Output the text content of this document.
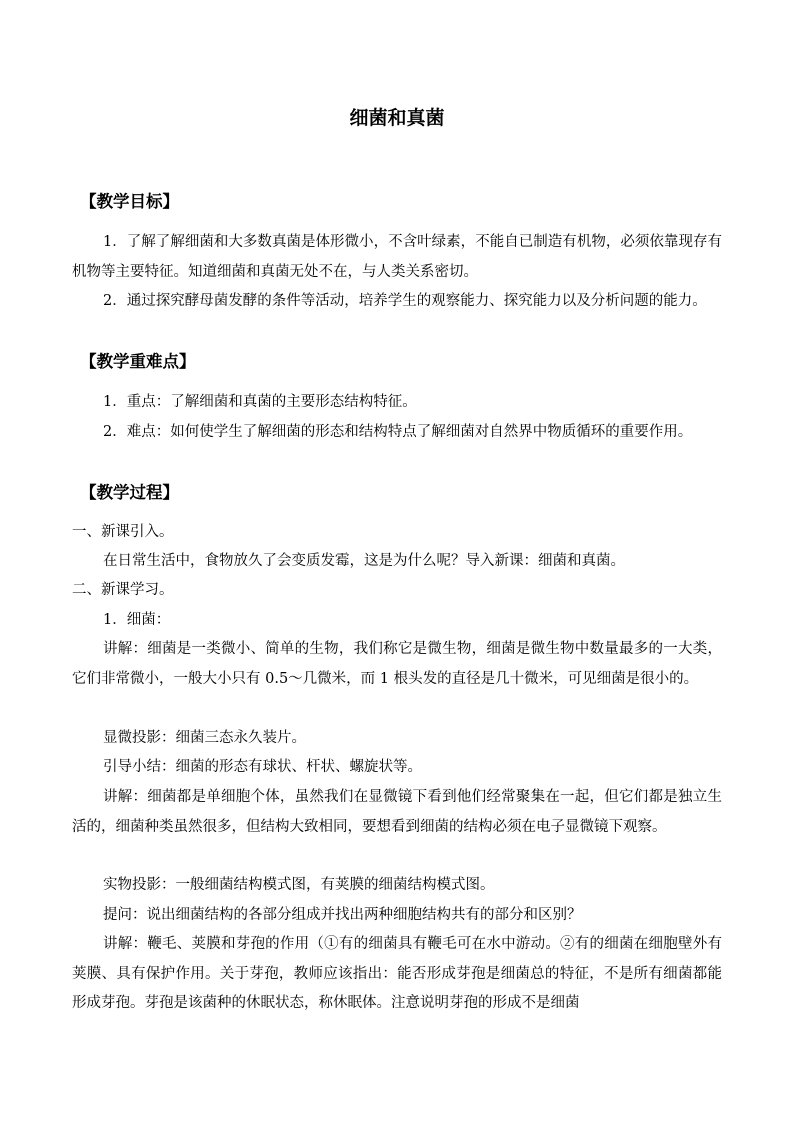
细菌和真菌
【教学目标】
1．了解了解细菌和大多数真菌是体形微小，不含叶绿素，不能自已制造有机物，必须依靠现存有机物等主要特征。知道细菌和真菌无处不在，与人类关系密切。
2．通过探究酵母菌发酵的条件等活动，培养学生的观察能力、探究能力以及分析问题的能力。
【教学重难点】
1．重点：了解细菌和真菌的主要形态结构特征。
2．难点：如何使学生了解细菌的形态和结构特点了解细菌对自然界中物质循环的重要作用。
【教学过程】
一、新课引入。
在日常生活中，食物放久了会变质发霉，这是为什么呢？导入新课：细菌和真菌。
二、新课学习。
1．细菌：
讲解：细菌是一类微小、简单的生物，我们称它是微生物，细菌是微生物中数量最多的一大类，它们非常微小，一般大小只有 0.5～几微米，而 1 根头发的直径是几十微米，可见细菌是很小的。
显微投影：细菌三态永久装片。
引导小结：细菌的形态有球状、杆状、螺旋状等。
讲解：细菌都是单细胞个体，虽然我们在显微镜下看到他们经常聚集在一起，但它们都是独立生活的，细菌种类虽然很多，但结构大致相同，要想看到细菌的结构必须在电子显微镜下观察。
实物投影：一般细菌结构模式图，有荚膜的细菌结构模式图。
提问：说出细菌结构的各部分组成并找出两种细胞结构共有的部分和区别？
讲解：鞭毛、荚膜和芽孢的作用（①有的细菌具有鞭毛可在水中游动。②有的细菌在细胞壁外有荚膜、具有保护作用。关于芽孢，教师应该指出：能否形成芽孢是细菌总的特征，不是所有细菌都能形成芽孢。芽孢是该菌种的休眠状态，称休眠体。注意说明芽孢的形成不是细菌
